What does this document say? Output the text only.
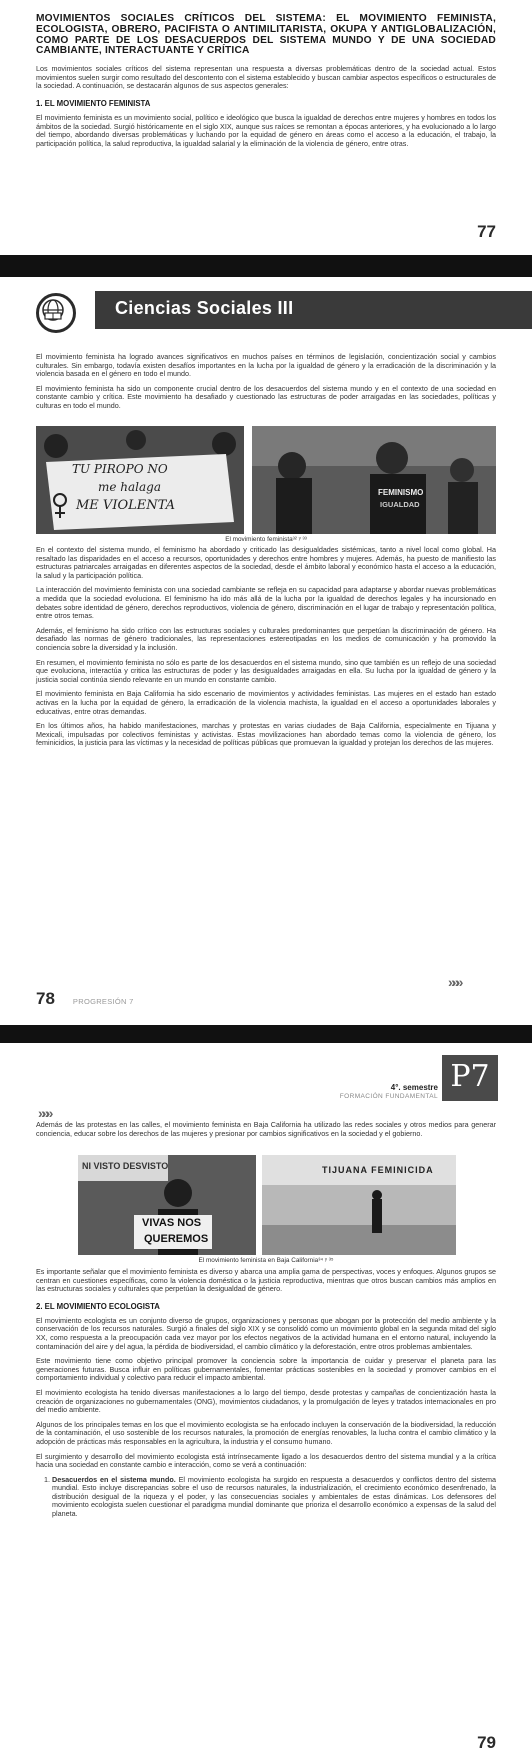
MOVIMIENTOS SOCIALES CRÍTICOS DEL SISTEMA: EL MOVIMIENTO FEMINISTA, ECOLOGISTA, OBRERO, PACIFISTA O ANTIMILITARISTA, OKUPA Y ANTIGLOBALIZACIÓN, COMO PARTE DE LOS DESACUERDOS DEL SISTEMA MUNDO Y DE UNA SOCIEDAD CAMBIANTE, INTERACTUANTE Y CRÍTICA

Los movimientos sociales críticos del sistema representan una respuesta a diversas problemáticas dentro de la sociedad actual. Estos movimientos suelen surgir como resultado del descontento con el sistema establecido y buscan cambiar aspectos específicos o estructurales de la sociedad. A continuación, se destacarán algunos de sus aspectos generales:

1. EL MOVIMIENTO FEMINISTA

El movimiento feminista es un movimiento social, político e ideológico que busca la igualdad de derechos entre mujeres y hombres en todos los ámbitos de la sociedad. Surgió históricamente en el siglo XIX, aunque sus raíces se remontan a épocas anteriores, y ha evolucionado a lo largo del tiempo, abordando diversas problemáticas y luchando por la equidad de género en áreas como el acceso a la educación, el trabajo, la participación política, la salud reproductiva, la igualdad salarial y la eliminación de la violencia de género, entre otras.

77
Ciencias Sociales III

El movimiento feminista ha logrado avances significativos en muchos países en términos de legislación, concientización social y cambios culturales. Sin embargo, todavía existen desafíos importantes en la lucha por la igualdad de género y la erradicación de la discriminación y la violencia basada en el género en todo el mundo.

El movimiento feminista ha sido un componente crucial dentro de los desacuerdos del sistema mundo y en el contexto de una sociedad en constante cambio y crítica. Este movimiento ha desafiado y cuestionado las estructuras de poder arraigadas en las sociedades, políticas y culturas en todo el mundo.

TU PIROPO NO
me halaga
ME VIOLENTA
FEMINISMO
IGUALDAD
El movimiento feminista³² ʸ ³³

En el contexto del sistema mundo, el feminismo ha abordado y criticado las desigualdades sistémicas, tanto a nivel local como global. Ha resaltado las disparidades en el acceso a recursos, oportunidades y derechos entre hombres y mujeres. Además, ha puesto de manifiesto las estructuras patriarcales arraigadas en diferentes aspectos de la sociedad, desde el ámbito laboral y económico hasta el acceso a la educación, la salud y la participación política.

La interacción del movimiento feminista con una sociedad cambiante se refleja en su capacidad para adaptarse y abordar nuevas problemáticas a medida que la sociedad evoluciona. El feminismo ha ido más allá de la lucha por la igualdad de derechos legales y ha incursionado en debates sobre identidad de género, derechos reproductivos, violencia de género, discriminación en el lugar de trabajo y representación política, entre otros temas.

Además, el feminismo ha sido crítico con las estructuras sociales y culturales predominantes que perpetúan la discriminación de género. Ha desafiado las normas de género tradicionales, las representaciones estereotipadas en los medios de comunicación y ha promovido la conciencia sobre la diversidad y la inclusión.

En resumen, el movimiento feminista no sólo es parte de los desacuerdos en el sistema mundo, sino que también es un reflejo de una sociedad que evoluciona, interactúa y critica las estructuras de poder y las desigualdades arraigadas en ella. Su lucha por la igualdad de género y la justicia social continúa siendo relevante en un mundo en constante cambio.

El movimiento feminista en Baja California ha sido escenario de movimientos y actividades feministas. Las mujeres en el estado han estado activas en la lucha por la equidad de género, la erradicación de la violencia machista, la igualdad en el acceso a oportunidades laborales y educativas, entre otras demandas.

En los últimos años, ha habido manifestaciones, marchas y protestas en varias ciudades de Baja California, especialmente en Tijuana y Mexicali, impulsadas por colectivos feministas y activistas. Estas movilizaciones han abordado temas como la violencia de género, los feminicidios, la justicia para las víctimas y la necesidad de políticas públicas que promuevan la igualdad y protejan los derechos de las mujeres.

»»»
78 PROGRESIÓN 7
P7
4°. semestre
FORMACIÓN FUNDAMENTAL
»»»

Además de las protestas en las calles, el movimiento feminista en Baja California ha utilizado las redes sociales y otros medios para generar conciencia, educar sobre los derechos de las mujeres y presionar por cambios significativos en la sociedad y el gobierno.

NI VISTO DESVISTO
VIVAS NOS
QUEREMOS
TIJUANA FEMINICIDA
El movimiento feminista en Baja California³⁴ ʸ ³⁵

Es importante señalar que el movimiento feminista es diverso y abarca una amplia gama de perspectivas, voces y enfoques. Algunos grupos se centran en cuestiones específicas, como la violencia doméstica o la justicia reproductiva, mientras que otros buscan cambios más amplios en las estructuras sociales y culturales que perpetúan la desigualdad de género.

2. EL MOVIMIENTO ECOLOGISTA

El movimiento ecologista es un conjunto diverso de grupos, organizaciones y personas que abogan por la protección del medio ambiente y la conservación de los recursos naturales. Surgió a finales del siglo XIX y se consolidó como un movimiento global en la segunda mitad del siglo XX, como respuesta a la preocupación cada vez mayor por los efectos negativos de la actividad humana en el entorno natural, incluyendo la contaminación del aire y del agua, la pérdida de biodiversidad, el cambio climático y la deforestación, entre otros problemas ambientales.

Este movimiento tiene como objetivo principal promover la conciencia sobre la importancia de cuidar y preservar el planeta para las generaciones futuras. Busca influir en políticas gubernamentales, fomentar prácticas sostenibles en la sociedad y promover cambios en el comportamiento individual y colectivo para reducir el impacto ambiental.

El movimiento ecologista ha tenido diversas manifestaciones a lo largo del tiempo, desde protestas y campañas de concientización hasta la creación de organizaciones no gubernamentales (ONG), movimientos ciudadanos, y la promulgación de leyes y tratados internacionales en pro del medio ambiente.

Algunos de los principales temas en los que el movimiento ecologista se ha enfocado incluyen la conservación de la biodiversidad, la reducción de la contaminación, el uso sostenible de los recursos naturales, la promoción de energías renovables, la lucha contra el cambio climático y la adopción de prácticas más responsables en la agricultura, la industria y el consumo humano.

El surgimiento y desarrollo del movimiento ecologista está intrínsecamente ligado a los desacuerdos dentro del sistema mundial y a la crítica hacia una sociedad en constante cambio e interacción, como se verá a continuación:

1. Desacuerdos en el sistema mundo. El movimiento ecologista ha surgido en respuesta a desacuerdos y conflictos dentro del sistema mundial. Esto incluye discrepancias sobre el uso de recursos naturales, la industrialización, el crecimiento económico desenfrenado, la distribución desigual de la riqueza y el poder, y las consecuencias sociales y ambientales de estas dinámicas. Los defensores del movimiento ecologista suelen cuestionar el paradigma mundial dominante que prioriza el desarrollo económico a expensas de la salud del planeta.
79
